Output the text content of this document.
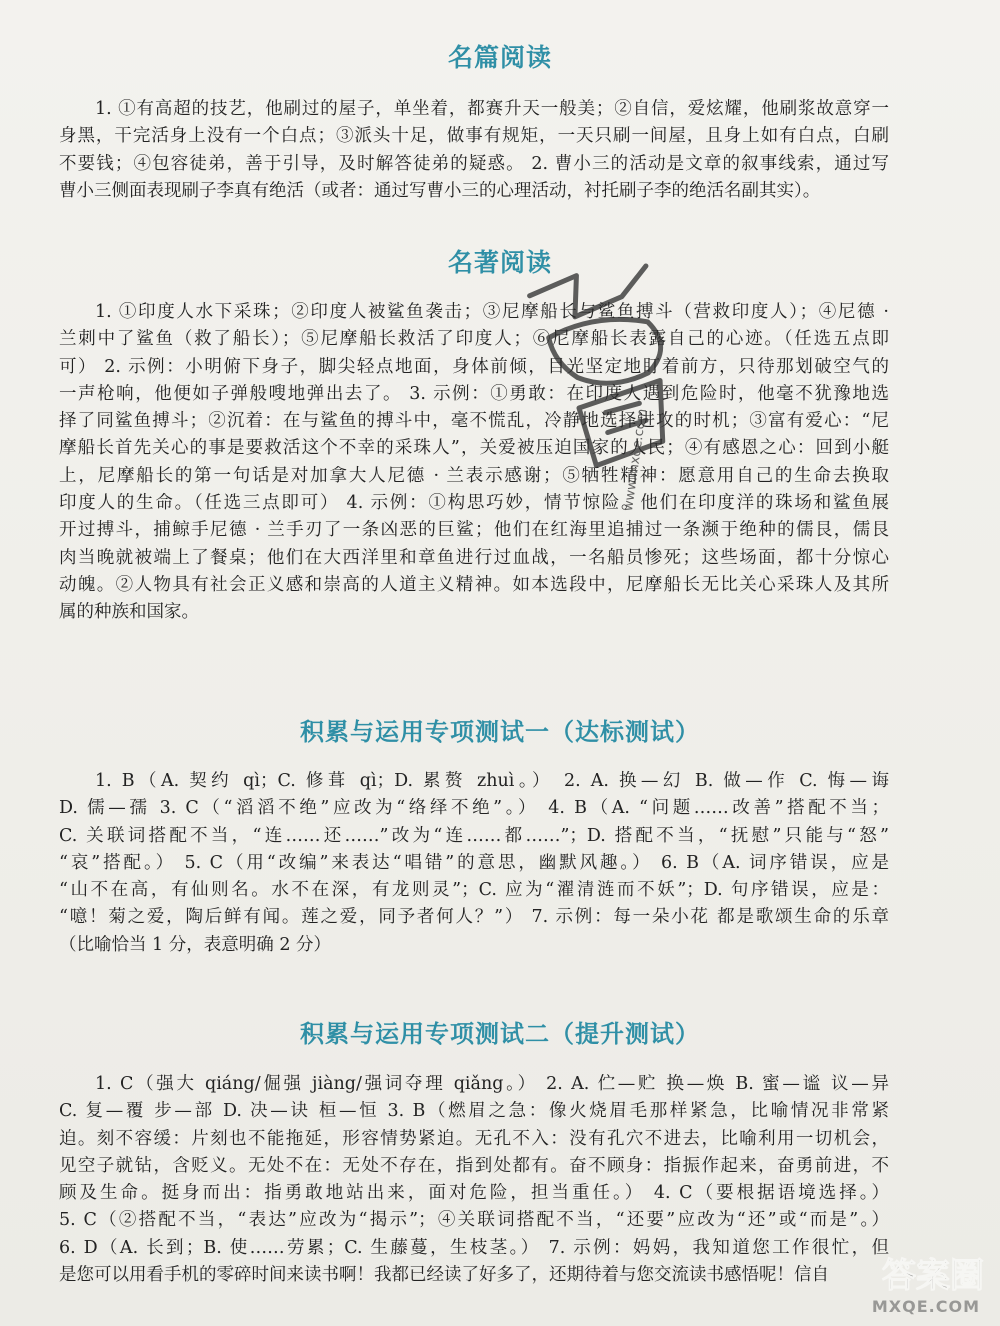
名篇阅读
1. ①有高超的技艺，他刷过的屋子，单坐着，都赛升天一般美；②自信，爱炫耀，他刷浆故意穿一
身黑，干完活身上没有一个白点；③派头十足，做事有规矩，一天只刷一间屋，且身上如有白点，白刷
不要钱；④包容徒弟，善于引导，及时解答徒弟的疑惑。 2. 曹小三的活动是文章的叙事线索，通过写
曹小三侧面表现刷子李真有绝活（或者：通过写曹小三的心理活动，衬托刷子李的绝活名副其实）。
名著阅读
1. ①印度人水下采珠；②印度人被鲨鱼袭击；③尼摩船长与鲨鱼搏斗（营救印度人）；④尼德 ·
兰刺中了鲨鱼（救了船长）；⑤尼摩船长救活了印度人；⑥尼摩船长表露自己的心迹。（任选五点即
可） 2. 示例：小明俯下身子，脚尖轻点地面，身体前倾，目光坚定地盯着前方，只待那划破空气的
一声枪响，他便如子弹般嗖地弹出去了。 3. 示例：①勇敢：在印度人遇到危险时，他毫不犹豫地选
择了同鲨鱼搏斗；②沉着：在与鲨鱼的搏斗中，毫不慌乱，冷静地选择进攻的时机；③富有爱心：“尼
摩船长首先关心的事是要救活这个不幸的采珠人”，关爱被压迫国家的人民；④有感恩之心：回到小艇
上，尼摩船长的第一句话是对加拿大人尼德 · 兰表示感谢；⑤牺牲精神：愿意用自己的生命去换取
印度人的生命。（任选三点即可） 4. 示例：①构思巧妙，情节惊险。他们在印度洋的珠场和鲨鱼展
开过搏斗，捕鲸手尼德 · 兰手刃了一条凶恶的巨鲨；他们在红海里追捕过一条濒于绝种的儒艮，儒艮
肉当晚就被端上了餐桌；他们在大西洋里和章鱼进行过血战，一名船员惨死；这些场面，都十分惊心
动魄。②人物具有社会正义感和崇高的人道主义精神。如本选段中，尼摩船长无比关心采珠人及其所
属的种族和国家。
积累与运用专项测试一（达标测试）
1. B（A. 契约 qì；C. 修葺 qì；D. 累赘 zhuì。） 2. A. 换—幻 B. 做—作 C. 悔—诲
D. 儒—孺 3. C（“滔滔不绝”应改为“络绎不绝”。） 4. B（A. “问题……改善”搭配不当；
C. 关联词搭配不当，“连……还……”改为“连……都……”；D. 搭配不当，“抚慰”只能与“怒”
“哀”搭配。） 5. C（用“改编”来表达“唱错”的意思，幽默风趣。） 6. B（A. 词序错误，应是
“山不在高，有仙则名。水不在深，有龙则灵”；C. 应为“濯清涟而不妖”；D. 句序错误，应是：
“噫！菊之爱，陶后鲜有闻。莲之爱，同予者何人？”） 7. 示例：每一朵小花 都是歌颂生命的乐章
（比喻恰当 1 分，表意明确 2 分）
积累与运用专项测试二（提升测试）
1. C（强大 qiáng/倔强 jiàng/强词夺理 qiǎng。） 2. A. 伫—贮 换—焕 B. 蜜—谧 议—异
C. 复—覆 步—部 D. 决—诀 桓—恒 3. B（燃眉之急：像火烧眉毛那样紧急，比喻情况非常紧
迫。刻不容缓：片刻也不能拖延，形容情势紧迫。无孔不入：没有孔穴不进去，比喻利用一切机会，
见空子就钻，含贬义。无处不在：无处不存在，指到处都有。奋不顾身：指振作起来，奋勇前进，不
顾及生命。挺身而出：指勇敢地站出来，面对危险，担当重任。） 4. C（要根据语境选择。）
5. C（②搭配不当，“表达”应改为“揭示”；④关联词搭配不当，“还要”应改为“还”或“而是”。）
6. D（A. 长到；B. 使……劳累；C. 生藤蔓，生枝茎。） 7. 示例：妈妈，我知道您工作很忙，但
是您可以用看手机的零碎时间来读书啊！我都已经读了好多了，还期待着与您交流读书感悟呢！信自
www.mxqe.com
答案圈
MXQE.COM
